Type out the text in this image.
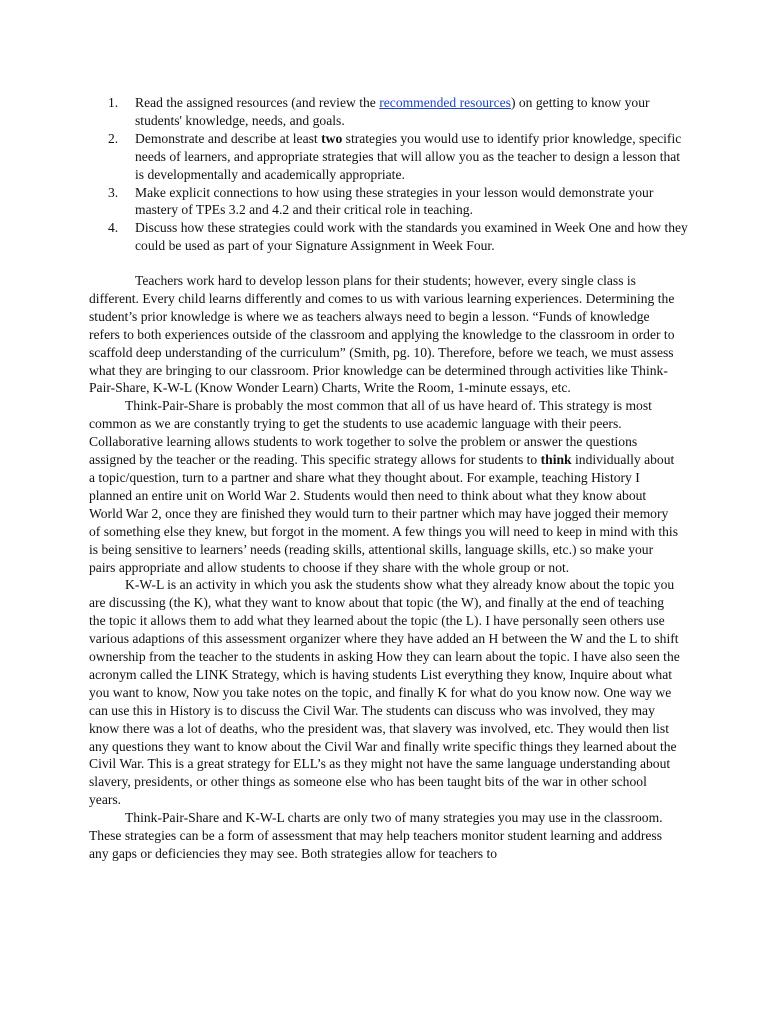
1. Read the assigned resources (and review the recommended resources) on getting to know your students' knowledge, needs, and goals.
2. Demonstrate and describe at least two strategies you would use to identify prior knowledge, specific needs of learners, and appropriate strategies that will allow you as the teacher to design a lesson that is developmentally and academically appropriate.
3. Make explicit connections to how using these strategies in your lesson would demonstrate your mastery of TPEs 3.2 and 4.2 and their critical role in teaching.
4. Discuss how these strategies could work with the standards you examined in Week One and how they could be used as part of your Signature Assignment in Week Four.

Teachers work hard to develop lesson plans for their students; however, every single class is different. Every child learns differently and comes to us with various learning experiences. Determining the student’s prior knowledge is where we as teachers always need to begin a lesson. “Funds of knowledge refers to both experiences outside of the classroom and applying the knowledge to the classroom in order to scaffold deep understanding of the curriculum” (Smith, pg. 10). Therefore, before we teach, we must assess what they are bringing to our classroom. Prior knowledge can be determined through activities like Think-Pair-Share, K-W-L (Know Wonder Learn) Charts, Write the Room, 1-minute essays, etc.

Think-Pair-Share is probably the most common that all of us have heard of. This strategy is most common as we are constantly trying to get the students to use academic language with their peers. Collaborative learning allows students to work together to solve the problem or answer the questions assigned by the teacher or the reading. This specific strategy allows for students to think individually about a topic/question, turn to a partner and share what they thought about. For example, teaching History I planned an entire unit on World War 2. Students would then need to think about what they know about World War 2, once they are finished they would turn to their partner which may have jogged their memory of something else they knew, but forgot in the moment. A few things you will need to keep in mind with this is being sensitive to learners’ needs (reading skills, attentional skills, language skills, etc.) so make your pairs appropriate and allow students to choose if they share with the whole group or not.

K-W-L is an activity in which you ask the students show what they already know about the topic you are discussing (the K), what they want to know about that topic (the W), and finally at the end of teaching the topic it allows them to add what they learned about the topic (the L). I have personally seen others use various adaptions of this assessment organizer where they have added an H between the W and the L to shift ownership from the teacher to the students in asking How they can learn about the topic. I have also seen the acronym called the LINK Strategy, which is having students List everything they know, Inquire about what you want to know, Now you take notes on the topic, and finally K for what do you know now. One way we can use this in History is to discuss the Civil War. The students can discuss who was involved, they may know there was a lot of deaths, who the president was, that slavery was involved, etc. They would then list any questions they want to know about the Civil War and finally write specific things they learned about the Civil War. This is a great strategy for ELL’s as they might not have the same language understanding about slavery, presidents, or other things as someone else who has been taught bits of the war in other school years.

Think-Pair-Share and K-W-L charts are only two of many strategies you may use in the classroom. These strategies can be a form of assessment that may help teachers monitor student learning and address any gaps or deficiencies they may see. Both strategies allow for teachers to
